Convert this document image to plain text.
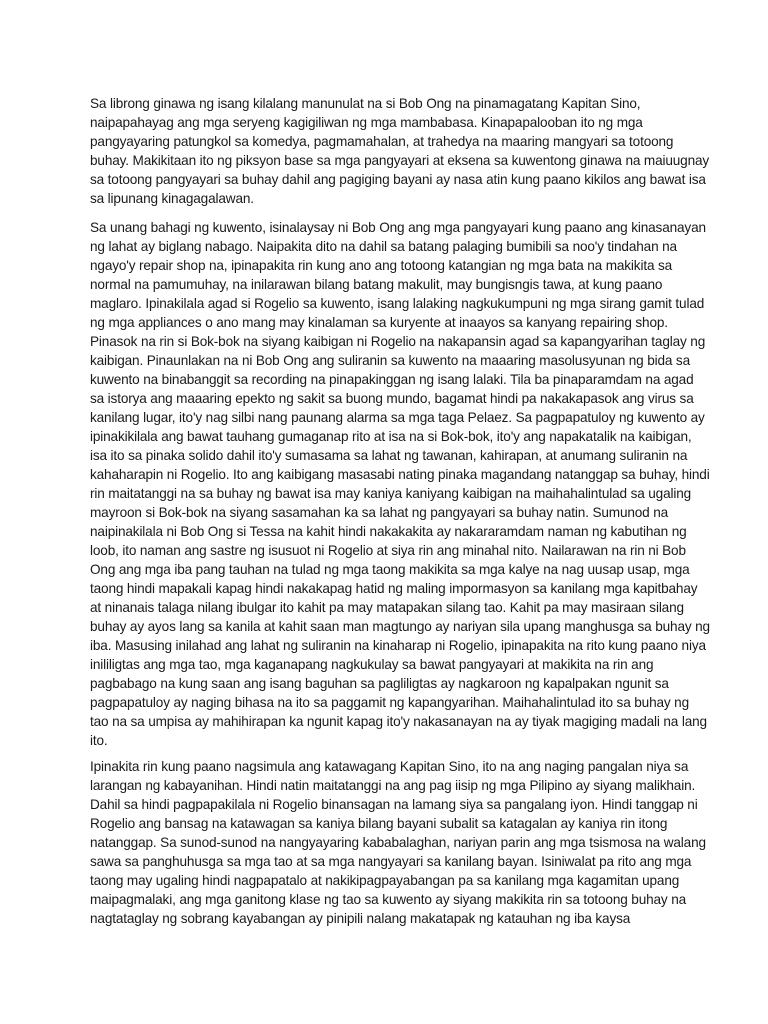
Sa librong ginawa ng isang kilalang manunulat na si Bob Ong na pinamagatang Kapitan Sino,
naipapahayag ang mga seryeng kagigiliwan ng mga mambabasa. Kinapapalooban ito ng mga
pangyayaring patungkol sa komedya, pagmamahalan, at trahedya na maaring mangyari sa totoong
buhay. Makikitaan ito ng piksyon base sa mga pangyayari at eksena sa kuwentong ginawa na maiuugnay
sa totoong pangyayari sa buhay dahil ang pagiging bayani ay nasa atin kung paano kikilos ang bawat isa
sa lipunang kinagagalawan.
Sa unang bahagi ng kuwento, isinalaysay ni Bob Ong ang mga pangyayari kung paano ang kinasanayan
ng lahat ay biglang nabago. Naipakita dito na dahil sa batang palaging bumibili sa noo'y tindahan na
ngayo'y repair shop na, ipinapakita rin kung ano ang totoong katangian ng mga bata na makikita sa
normal na pamumuhay, na inilarawan bilang batang makulit, may bungisngis tawa, at kung paano
maglaro. Ipinakilala agad si Rogelio sa kuwento, isang lalaking nagkukumpuni ng mga sirang gamit tulad
ng mga appliances o ano mang may kinalaman sa kuryente at inaayos sa kanyang repairing shop.
Pinasok na rin si Bok-bok na siyang kaibigan ni Rogelio na nakapansin agad sa kapangyarihan taglay ng
kaibigan. Pinaunlakan na ni Bob Ong ang suliranin sa kuwento na maaaring masolusyunan ng bida sa
kuwento na binabanggit sa recording na pinapakinggan ng isang lalaki. Tila ba pinaparamdam na agad
sa istorya ang maaaring epekto ng sakit sa buong mundo, bagamat hindi pa nakakapasok ang virus sa
kanilang lugar, ito'y nag silbi nang paunang alarma sa mga taga Pelaez. Sa pagpapatuloy ng kuwento ay
ipinakikilala ang bawat tauhang gumaganap rito at isa na si Bok-bok, ito'y ang napakatalik na kaibigan,
isa ito sa pinaka solido dahil ito'y sumasama sa lahat ng tawanan, kahirapan, at anumang suliranin na
kahaharapin ni Rogelio. Ito ang kaibigang masasabi nating pinaka magandang natanggap sa buhay, hindi
rin maitatanggi na sa buhay ng bawat isa may kaniya kaniyang kaibigan na maihahalintulad sa ugaling
mayroon si Bok-bok na siyang sasamahan ka sa lahat ng pangyayari sa buhay natin. Sumunod na
naipinakilala ni Bob Ong si Tessa na kahit hindi nakakakita ay nakararamdam naman ng kabutihan ng
loob, ito naman ang sastre ng isusuot ni Rogelio at siya rin ang minahal nito. Nailarawan na rin ni Bob
Ong ang mga iba pang tauhan na tulad ng mga taong makikita sa mga kalye na nag uusap usap, mga
taong hindi mapakali kapag hindi nakakapag hatid ng maling impormasyon sa kanilang mga kapitbahay
at ninanais talaga nilang ibulgar ito kahit pa may matapakan silang tao. Kahit pa may masiraan silang
buhay ay ayos lang sa kanila at kahit saan man magtungo ay nariyan sila upang manghusga sa buhay ng
iba. Masusing inilahad ang lahat ng suliranin na kinaharap ni Rogelio, ipinapakita na rito kung paano niya
inililigtas ang mga tao, mga kaganapang nagkukulay sa bawat pangyayari at makikita na rin ang
pagbabago na kung saan ang isang baguhan sa pagliligtas ay nagkaroon ng kapalpakan ngunit sa
pagpapatuloy ay naging bihasa na ito sa paggamit ng kapangyarihan. Maihahalintulad ito sa buhay ng
tao na sa umpisa ay mahihirapan ka ngunit kapag ito'y nakasanayan na ay tiyak magiging madali na lang
ito.
Ipinakita rin kung paano nagsimula ang katawagang Kapitan Sino, ito na ang naging pangalan niya sa
larangan ng kabayanihan. Hindi natin maitatanggi na ang pag iisip ng mga Pilipino ay siyang malikhain.
Dahil sa hindi pagpapakilala ni Rogelio binansagan na lamang siya sa pangalang iyon. Hindi tanggap ni
Rogelio ang bansag na katawagan sa kaniya bilang bayani subalit sa katagalan ay kaniya rin itong
natanggap. Sa sunod-sunod na nangyayaring kababalaghan, nariyan parin ang mga tsismosa na walang
sawa sa panghuhusga sa mga tao at sa mga nangyayari sa kanilang bayan. Isiniwalat pa rito ang mga
taong may ugaling hindi nagpapatalo at nakikipagpayabangan pa sa kanilang mga kagamitan upang
maipagmalaki, ang mga ganitong klase ng tao sa kuwento ay siyang makikita rin sa totoong buhay na
nagtataglay ng sobrang kayabangan ay pinipili nalang makatapak ng katauhan ng iba kaysa
